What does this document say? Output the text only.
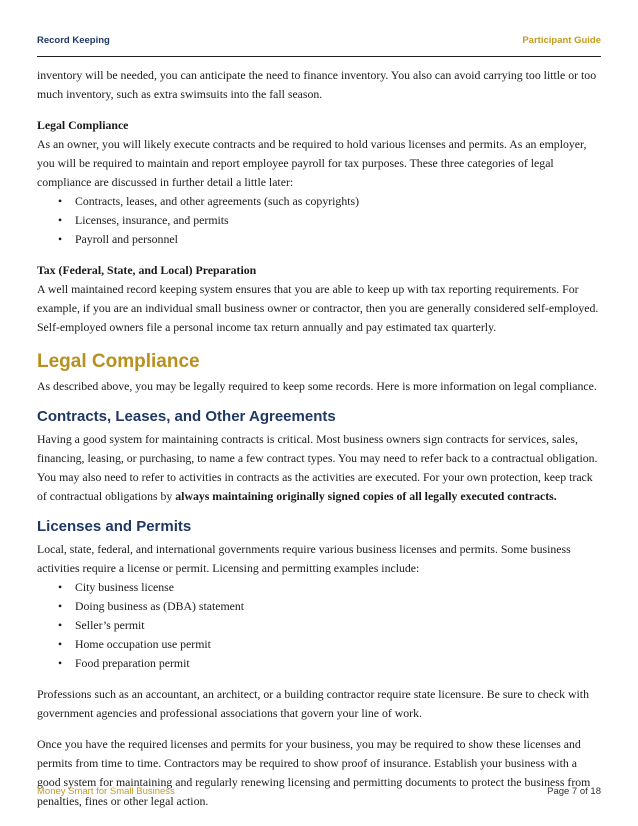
Record Keeping	Participant Guide

inventory will be needed, you can anticipate the need to finance inventory. You also can avoid carrying too little or too much inventory, such as extra swimsuits into the fall season.

Legal Compliance

As an owner, you will likely execute contracts and be required to hold various licenses and permits. As an employer, you will be required to maintain and report employee payroll for tax purposes. These three categories of legal compliance are discussed in further detail a little later:

• Contracts, leases, and other agreements (such as copyrights)
• Licenses, insurance, and permits
• Payroll and personnel

Tax (Federal, State, and Local) Preparation

A well maintained record keeping system ensures that you are able to keep up with tax reporting requirements. For example, if you are an individual small business owner or contractor, then you are generally considered self-employed. Self-employed owners file a personal income tax return annually and pay estimated tax quarterly.

Legal Compliance

As described above, you may be legally required to keep some records. Here is more information on legal compliance.

Contracts, Leases, and Other Agreements

Having a good system for maintaining contracts is critical. Most business owners sign contracts for services, sales, financing, leasing, or purchasing, to name a few contract types. You may need to refer back to a contractual obligation. You may also need to refer to activities in contracts as the activities are executed. For your own protection, keep track of contractual obligations by always maintaining originally signed copies of all legally executed contracts.

Licenses and Permits

Local, state, federal, and international governments require various business licenses and permits. Some business activities require a license or permit. Licensing and permitting examples include:

• City business license
• Doing business as (DBA) statement
• Seller’s permit
• Home occupation use permit
• Food preparation permit

Professions such as an accountant, an architect, or a building contractor require state licensure. Be sure to check with government agencies and professional associations that govern your line of work.

Once you have the required licenses and permits for your business, you may be required to show these licenses and permits from time to time. Contractors may be required to show proof of insurance. Establish your business with a good system for maintaining and regularly renewing licensing and permitting documents to protect the business from penalties, fines or other legal action.

Money Smart for Small Business	Page 7 of 18
